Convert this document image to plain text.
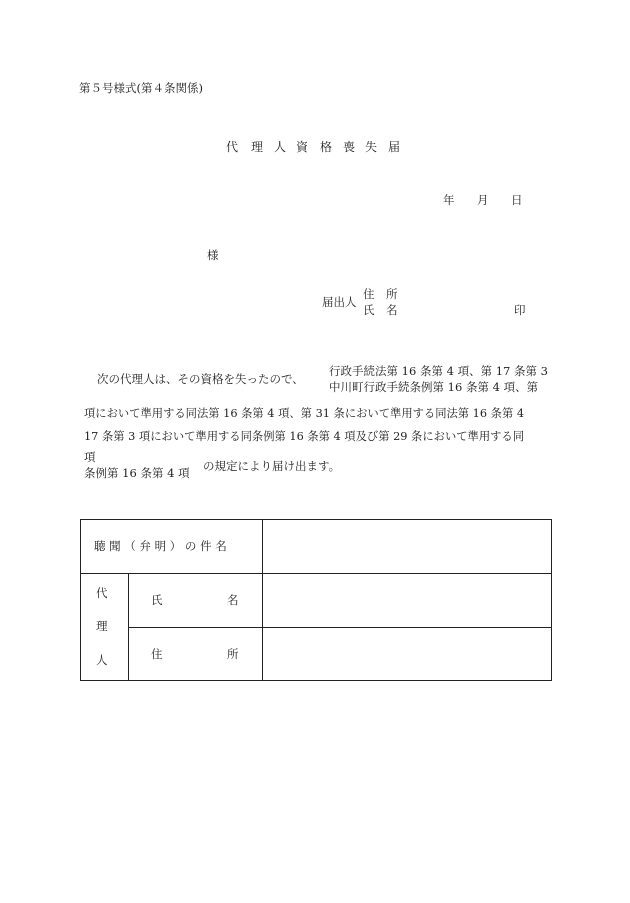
第５号様式(第４条関係)
代 理 人 資 格 喪 失 届
年 月 日
様
届出人
住 所
氏 名	印
次の代理人は、その資格を失ったので、
行政手続法第 16 条第 4 項、第 17 条第 3
中川町行政手続条例第 16 条第 4 項、第
項において準用する同法第 16 条第 4 項、第 31 条において準用する同法第 16 条第 4
17 条第 3 項において準用する同条例第 16 条第 4 項及び第 29 条において準用する同
項
条例第 16 条第 4 項 の規定により届け出ます。
聴 聞 （ 弁 明 ） の 件 名
代
理
人
氏	名
住	所
